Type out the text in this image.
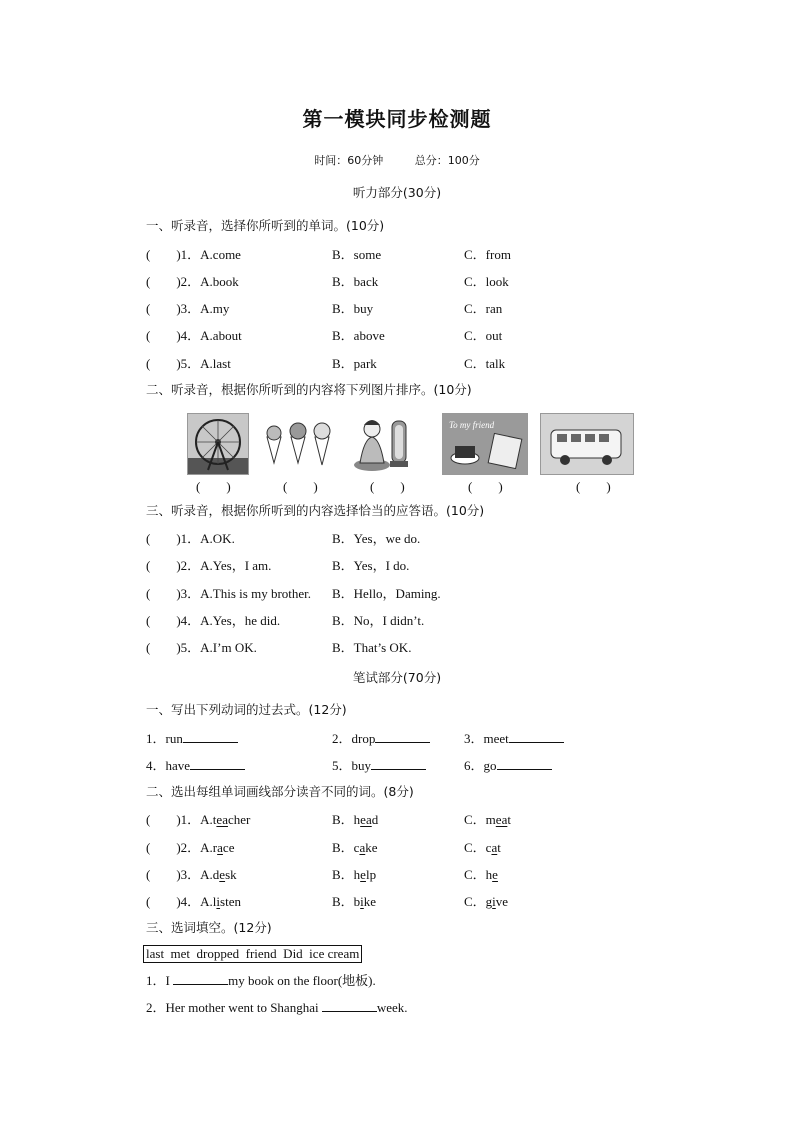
第一模块同步检测题
时间：60分钟	总分：100分
听力部分(30分)
一、听录音，选择你所听到的单词。(10分)
(　　)1．A.come	B．some	C．from
(　　)2．A.book	B．back	C．look
(　　)3．A.my	B．buy	C．ran
(　　)4．A.about	B．above	C．out
(　　)5．A.last	B．park	C．talk
二、听录音，根据你所听到的内容将下列图片排序。(10分)
To my friend
(　　)	(　　)	(　　)	(　　)	(　　)
三、听录音，根据你所听到的内容选择恰当的应答语。(10分)
(　　)1．A.OK.	B．Yes，we do.
(　　)2．A.Yes，I am.	B．Yes，I do.
(　　)3．A.This is my brother. B．Hello，Daming.
(　　)4．A.Yes，he did.	B．No，I didn’t.
(　　)5．A.I’m OK.	B．That’s OK.
笔试部分(70分)
一、写出下列动词的过去式。(12分)
1．run	2．drop	3．meet
4．have	5．buy	6．go
二、选出每组单词画线部分读音不同的词。(8分)
(　　)1．A.teacher	B．head	C．meat
(　　)2．A.race	B．cake	C．cat
(　　)3．A.desk	B．help	C．he
(　　)4．A.listen	B．bike	C．give
三、选词填空。(12分)
last  met  dropped  friend  Did  ice cream
1．I	my book on the floor(地板).
2．Her mother went to Shanghai	week.
